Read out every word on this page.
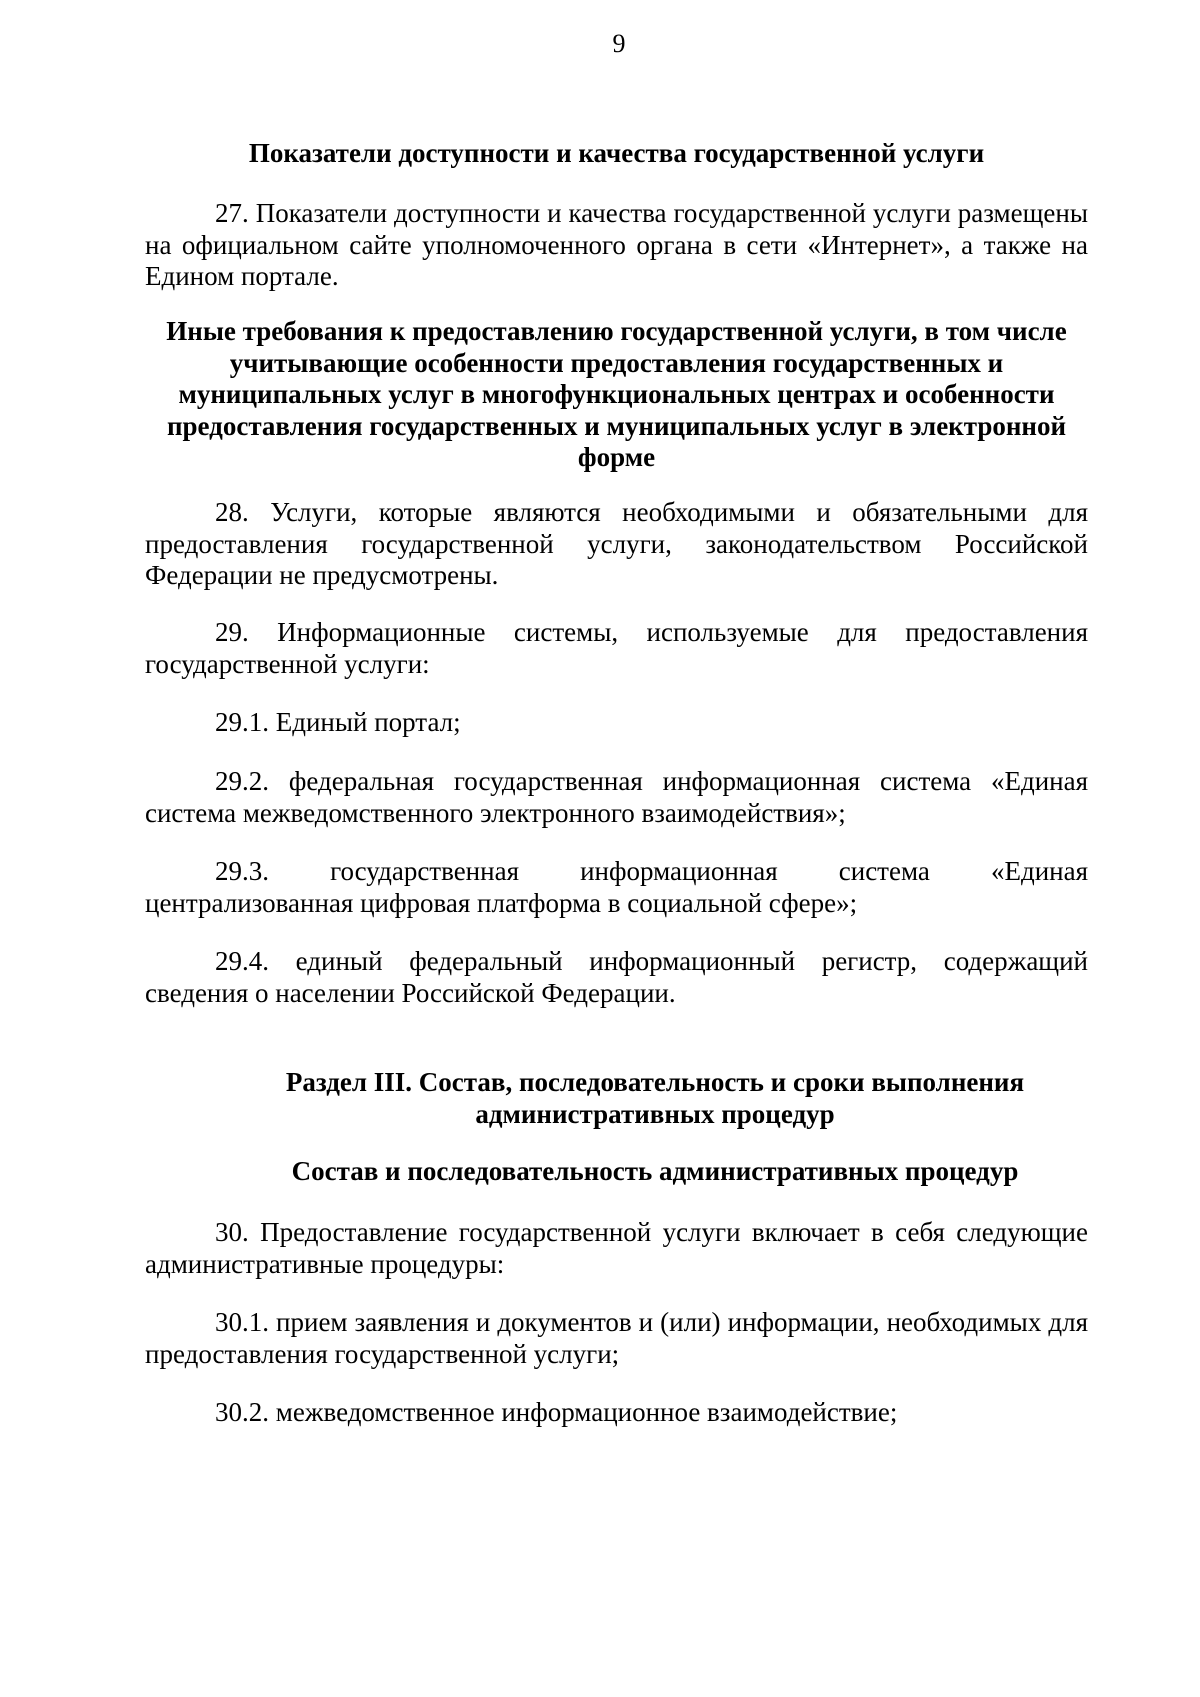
9

Показатели доступности и качества государственной услуги

27. Показатели доступности и качества государственной услуги размещены на официальном сайте уполномоченного органа в сети «Интернет», а также на Едином портале.

Иные требования к предоставлению государственной услуги, в том числе учитывающие особенности предоставления государственных и муниципальных услуг в многофункциональных центрах и особенности предоставления государственных и муниципальных услуг в электронной форме

28. Услуги, которые являются необходимыми и обязательными для предоставления государственной услуги, законодательством Российской Федерации не предусмотрены.

29. Информационные системы, используемые для предоставления государственной услуги:

29.1. Единый портал;

29.2. федеральная государственная информационная система «Единая система межведомственного электронного взаимодействия»;

29.3. государственная информационная система «Единая

централизованная цифровая платформа в социальной сфере»;

29.4. единый федеральный информационный регистр, содержащий сведения о населении Российской Федерации.

Раздел III. Состав, последовательность и сроки выполнения административных процедур

Состав и последовательность административных процедур

30. Предоставление государственной услуги включает в себя следующие административные процедуры:

30.1. прием заявления и документов и (или) информации, необходимых для предоставления государственной услуги;

30.2. межведомственное информационное взаимодействие;
